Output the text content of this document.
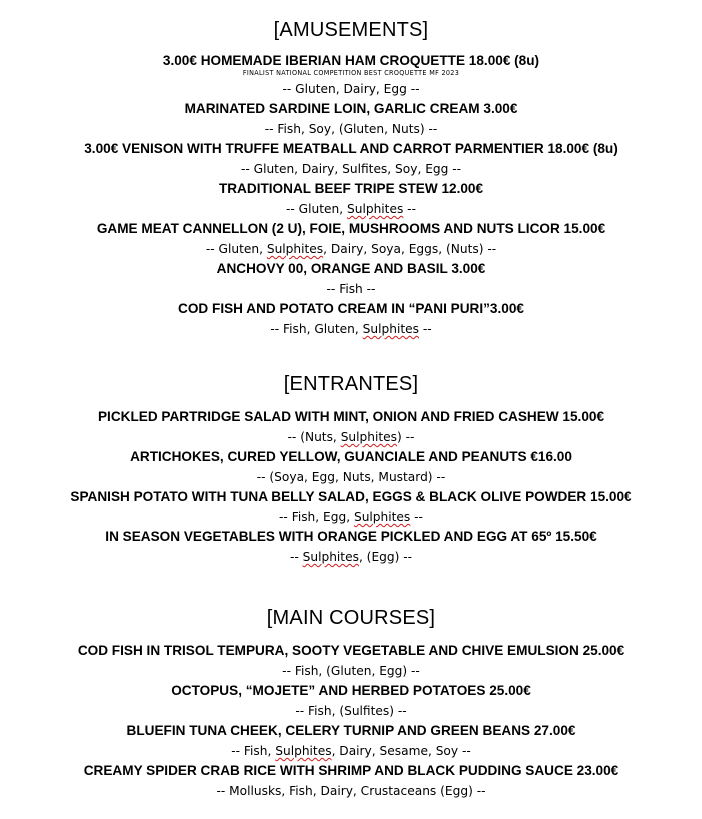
[AMUSEMENTS]

3.00€ HOMEMADE IBERIAN HAM CROQUETTE 18.00€ (8u)

FINALIST NATIONAL COMPETITION BEST CROQUETTE MF 2023

-- Gluten, Dairy, Egg --

MARINATED SARDINE LOIN, GARLIC CREAM 3.00€

-- Fish, Soy, (Gluten, Nuts) --

3.00€ VENISON WITH TRUFFE MEATBALL AND CARROT PARMENTIER 18.00€ (8u)

-- Gluten, Dairy, Sulfites, Soy, Egg --

TRADITIONAL BEEF TRIPE STEW 12.00€

-- Gluten, Sulphites --

GAME MEAT CANNELLON (2 U), FOIE, MUSHROOMS AND NUTS LICOR 15.00€

-- Gluten, Sulphites, Dairy, Soya, Eggs, (Nuts) --

ANCHOVY 00, ORANGE AND BASIL 3.00€

-- Fish --

COD FISH AND POTATO CREAM IN “PANI PURI”3.00€

-- Fish, Gluten, Sulphites --

[ENTRANTES]

PICKLED PARTRIDGE SALAD WITH MINT, ONION AND FRIED CASHEW 15.00€

-- (Nuts, Sulphites) --

ARTICHOKES, CURED YELLOW, GUANCIALE AND PEANUTS €16.00

-- (Soya, Egg, Nuts, Mustard) --

SPANISH POTATO WITH TUNA BELLY SALAD, EGGS & BLACK OLIVE POWDER 15.00€

-- Fish, Egg, Sulphites --

IN SEASON VEGETABLES WITH ORANGE PICKLED AND EGG AT 65º 15.50€

-- Sulphites, (Egg) --

[MAIN COURSES]

COD FISH IN TRISOL TEMPURA, SOOTY VEGETABLE AND CHIVE EMULSION 25.00€

-- Fish, (Gluten, Egg) --

OCTOPUS, “MOJETE” AND HERBED POTATOES 25.00€

-- Fish, (Sulfites) --

BLUEFIN TUNA CHEEK, CELERY TURNIP AND GREEN BEANS 27.00€

-- Fish, Sulphites, Dairy, Sesame, Soy --

CREAMY SPIDER CRAB RICE WITH SHRIMP AND BLACK PUDDING SAUCE 23.00€

-- Mollusks, Fish, Dairy, Crustaceans (Egg) --
